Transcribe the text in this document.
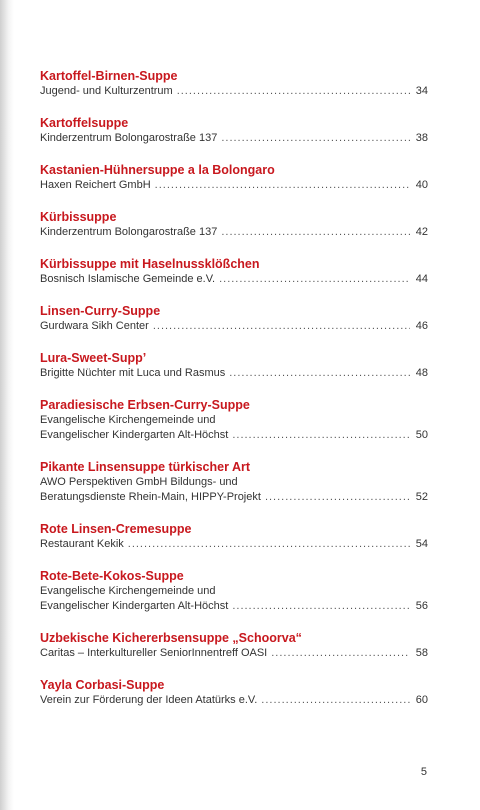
Kartoffel-Birnen-Suppe
Jugend- und Kulturzentrum .....	34
Kartoffelsuppe
Kinderzentrum Bolongarostraße 137 .....	38
Kastanien-Hühnersuppe a la Bolongaro
Haxen Reichert GmbH .....	40
Kürbissuppe
Kinderzentrum Bolongarostraße 137 .....	42
Kürbissuppe mit Haselnussklößchen
Bosnisch Islamische Gemeinde e.V. .....	44
Linsen-Curry-Suppe
Gurdwara Sikh Center .....	46
Lura-Sweet-Supp’
Brigitte Nüchter mit Luca und Rasmus .....	48
Paradiesische Erbsen-Curry-Suppe
Evangelische Kirchengemeinde und
Evangelischer Kindergarten Alt-Höchst .....	50
Pikante Linsensuppe türkischer Art
AWO Perspektiven GmbH Bildungs- und
Beratungsdienste Rhein-Main, HIPPY-Projekt .....	52
Rote Linsen-Cremesuppe
Restaurant Kekik .....	54
Rote-Bete-Kokos-Suppe
Evangelische Kirchengemeinde und
Evangelischer Kindergarten Alt-Höchst .....	56
Uzbekische Kichererbsensuppe „Schoorva“
Caritas – Interkultureller SeniorInnentreff OASI .....	58
Yayla Corbasi-Suppe
Verein zur Förderung der Ideen Atatürks e.V. .....	60
5
